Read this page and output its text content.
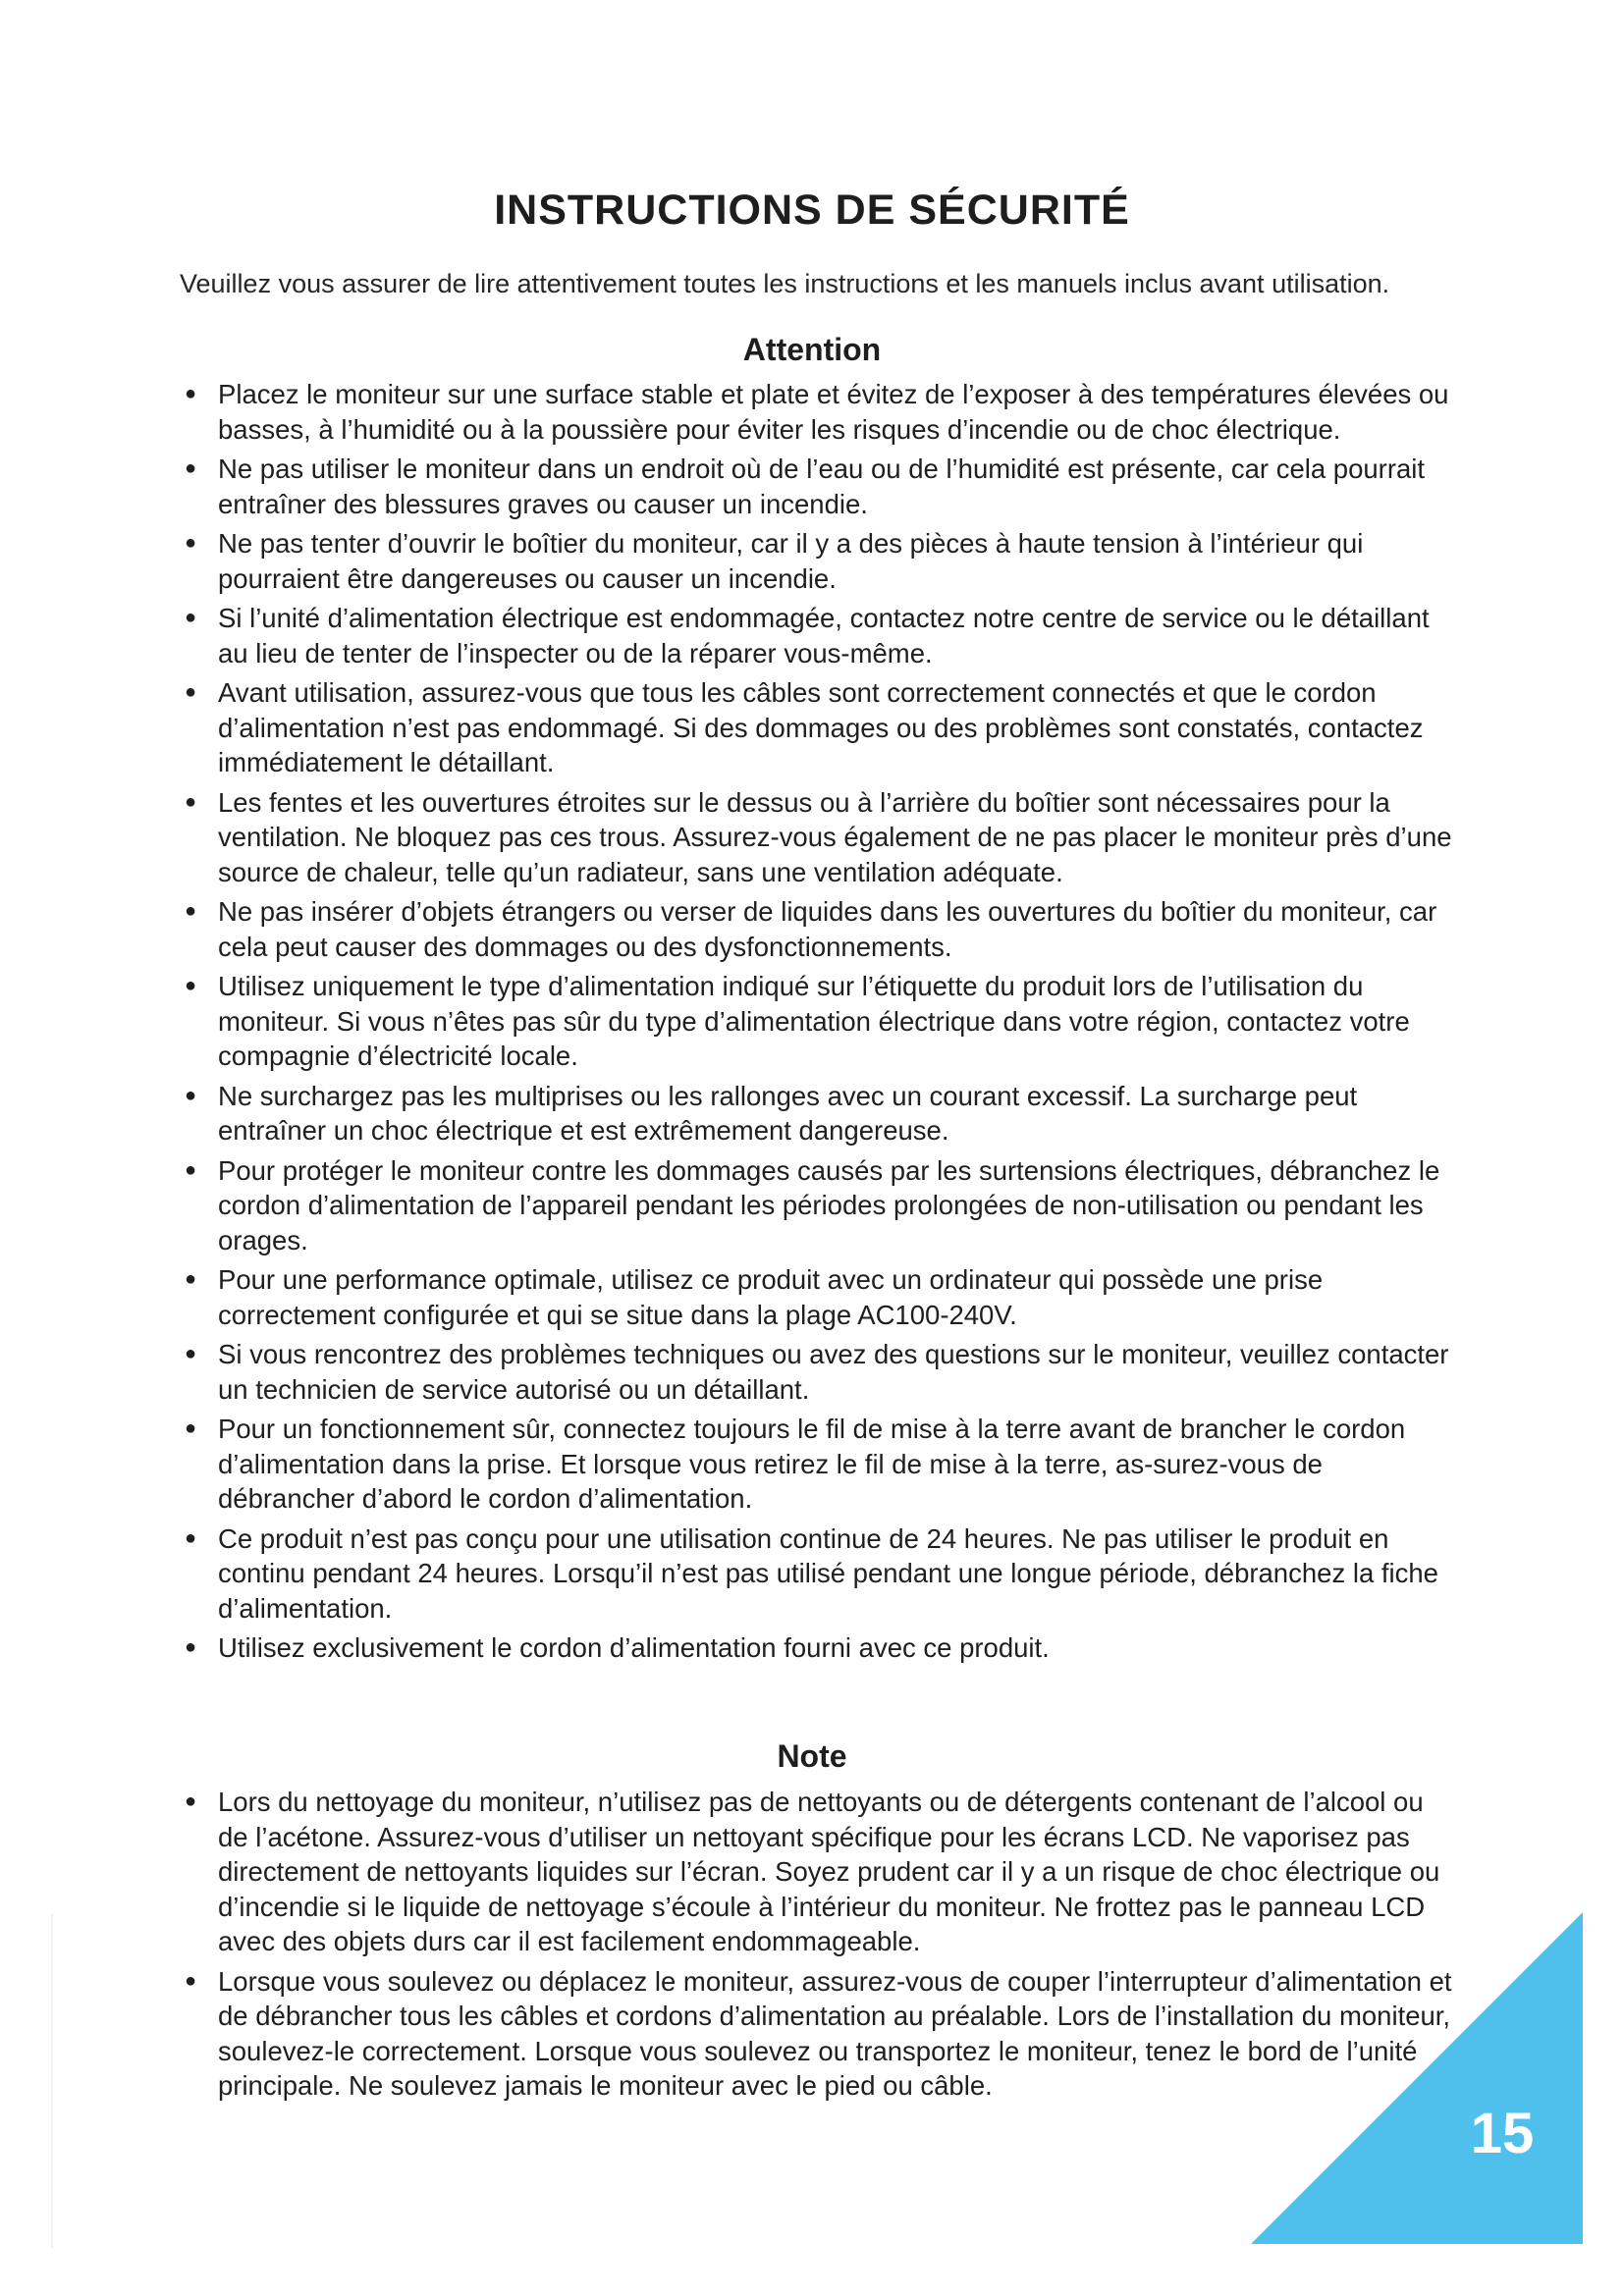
INSTRUCTIONS DE SÉCURITÉ
Veuillez vous assurer de lire attentivement toutes les instructions et les manuels inclus avant utilisation.
Attention
● Placez le moniteur sur une surface stable et plate et évitez de l’exposer à des températures élevées ou basses, à l’humidité ou à la poussière pour éviter les risques d’incendie ou de choc électrique.
● Ne pas utiliser le moniteur dans un endroit où de l’eau ou de l’humidité est présente, car cela pourrait entraîner des blessures graves ou causer un incendie.
● Ne pas tenter d’ouvrir le boîtier du moniteur, car il y a des pièces à haute tension à l’intérieur qui pourraient être dangereuses ou causer un incendie.
● Si l’unité d’alimentation électrique est endommagée, contactez notre centre de service ou le détaillant au lieu de tenter de l’inspecter ou de la réparer vous-même.
● Avant utilisation, assurez-vous que tous les câbles sont correctement connectés et que le cordon d’alimentation n’est pas endommagé. Si des dommages ou des problèmes sont constatés, contactez immédiatement le détaillant.
● Les fentes et les ouvertures étroites sur le dessus ou à l’arrière du boîtier sont nécessaires pour la ventilation. Ne bloquez pas ces trous. Assurez-vous également de ne pas placer le moniteur près d’une source de chaleur, telle qu’un radiateur, sans une ventilation adéquate.
● Ne pas insérer d’objets étrangers ou verser de liquides dans les ouvertures du boîtier du moniteur, car cela peut causer des dommages ou des dysfonctionnements.
● Utilisez uniquement le type d’alimentation indiqué sur l’étiquette du produit lors de l’utilisation du moniteur. Si vous n’êtes pas sûr du type d’alimentation électrique dans votre région, contactez votre compagnie d’électricité locale.
● Ne surchargez pas les multiprises ou les rallonges avec un courant excessif. La surcharge peut entraîner un choc électrique et est extrêmement dangereuse.
● Pour protéger le moniteur contre les dommages causés par les surtensions électriques, débranchez le cordon d’alimentation de l’appareil pendant les périodes prolongées de non-utilisation ou pendant les orages.
● Pour une performance optimale, utilisez ce produit avec un ordinateur qui possède une prise correctement configurée et qui se situe dans la plage AC100-240V.
● Si vous rencontrez des problèmes techniques ou avez des questions sur le moniteur, veuillez contacter un technicien de service autorisé ou un détaillant.
● Pour un fonctionnement sûr, connectez toujours le fil de mise à la terre avant de brancher le cordon d’alimentation dans la prise. Et lorsque vous retirez le fil de mise à la terre, as-surez-vous de débrancher d’abord le cordon d’alimentation.
● Ce produit n’est pas conçu pour une utilisation continue de 24 heures. Ne pas utiliser le produit en continu pendant 24 heures. Lorsqu’il n’est pas utilisé pendant une longue période, débranchez la fiche d’alimentation.
● Utilisez exclusivement le cordon d’alimentation fourni avec ce produit.
Note
● Lors du nettoyage du moniteur, n’utilisez pas de nettoyants ou de détergents contenant de l’alcool ou de l’acétone. Assurez-vous d’utiliser un nettoyant spécifique pour les écrans LCD. Ne vaporisez pas directement de nettoyants liquides sur l’écran. Soyez prudent car il y a un risque de choc électrique ou d’incendie si le liquide de nettoyage s’écoule à l’intérieur du moniteur. Ne frottez pas le panneau LCD avec des objets durs car il est facilement endommageable.
● Lorsque vous soulevez ou déplacez le moniteur, assurez-vous de couper l’interrupteur d’alimentation et de débrancher tous les câbles et cordons d’alimentation au préalable. Lors de l’installation du moniteur, soulevez-le correctement. Lorsque vous soulevez ou transportez le moniteur, tenez le bord de l’unité principale. Ne soulevez jamais le moniteur avec le pied ou câble.
15
